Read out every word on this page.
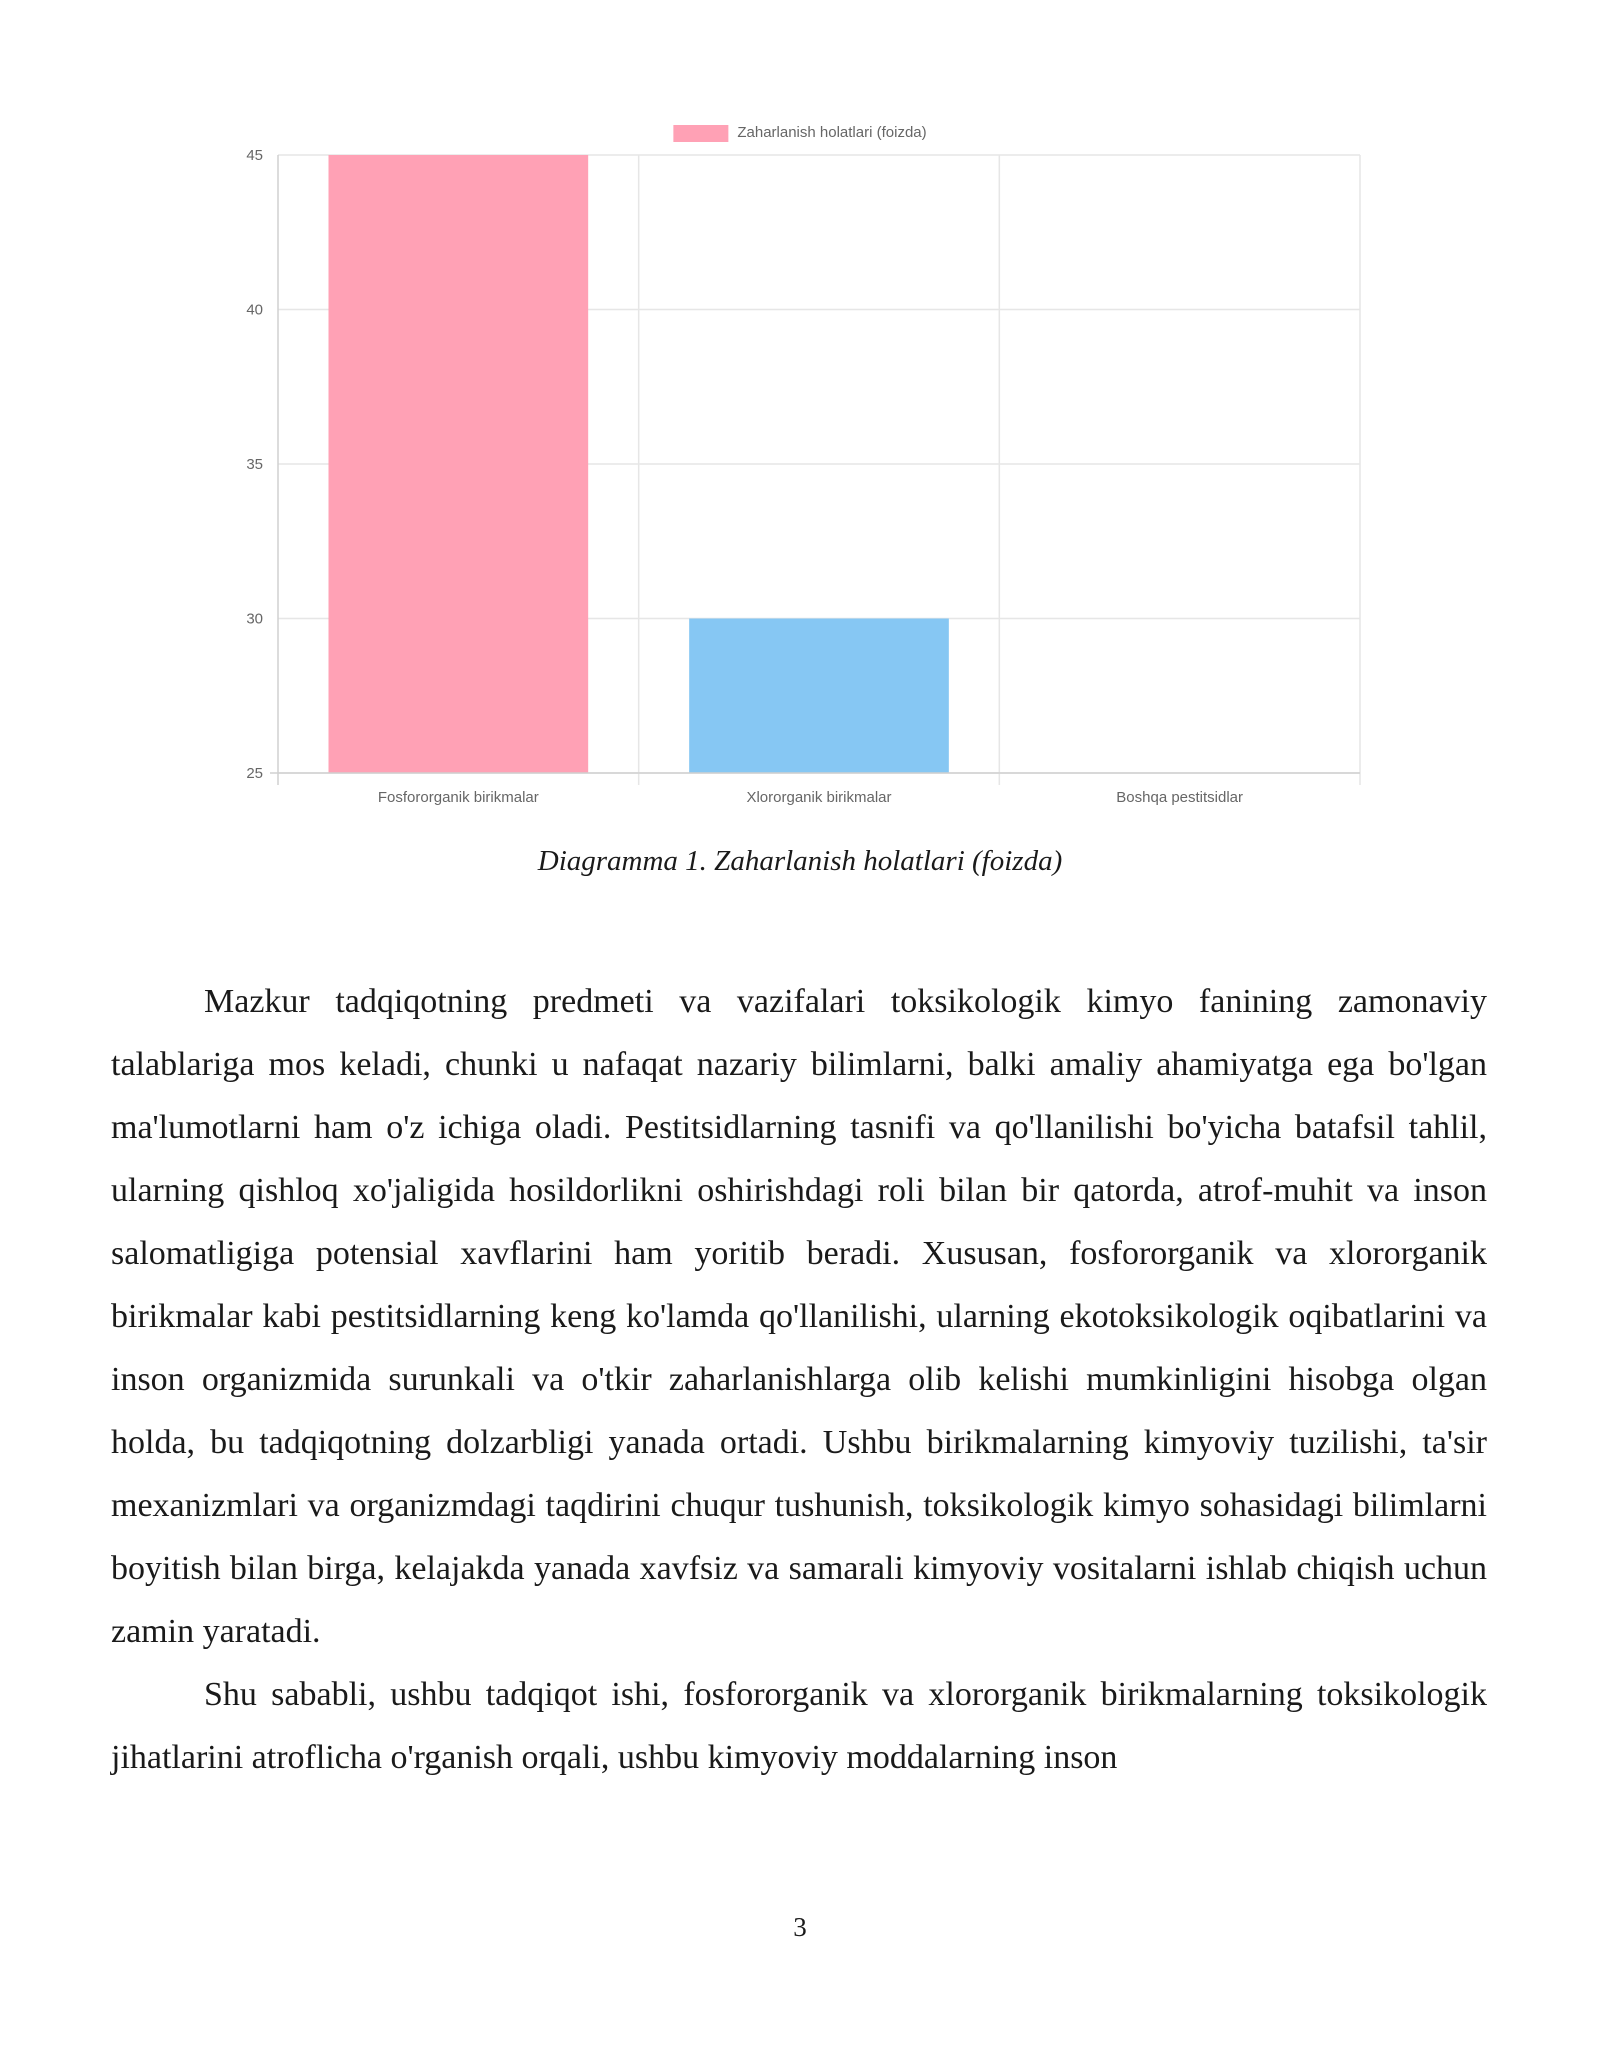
25
30
35
40
45
Fosfororganik birikmalar	Xlororganik birikmalar	Boshqa pestitsidlar
Zaharlanish holatlari (foizda)
Diagramma 1. Zaharlanish holatlari (foizda)

Mazkur tadqiqotning predmeti va vazifalari toksikologik kimyo fanining zamonaviy talablariga mos keladi, chunki u nafaqat nazariy bilimlarni, balki amaliy ahamiyatga ega bo'lgan ma'lumotlarni ham o'z ichiga oladi. Pestitsidlarning tasnifi va qo'llanilishi bo'yicha batafsil tahlil, ularning qishloq xo'jaligida hosildorlikni oshirishdagi roli bilan bir qatorda, atrof-muhit va inson salomatligiga potensial xavflarini ham yoritib beradi. Xususan, fosfororganik va xlororganik birikmalar kabi pestitsidlarning keng ko'lamda qo'llanilishi, ularning ekotoksikologik oqibatlarini va inson organizmida surunkali va o'tkir zaharlanishlarga olib kelishi mumkinligini hisobga olgan holda, bu tadqiqotning dolzarbligi yanada ortadi. Ushbu birikmalarning kimyoviy tuzilishi, ta'sir mexanizmlari va organizmdagi taqdirini chuqur tushunish, toksikologik kimyo sohasidagi bilimlarni boyitish bilan birga, kelajakda yanada xavfsiz va samarali kimyoviy vositalarni ishlab chiqish uchun zamin yaratadi.

Shu sababli, ushbu tadqiqot ishi, fosfororganik va xlororganik birikmalarning toksikologik jihatlarini atroflicha o'rganish orqali, ushbu kimyoviy moddalarning inson

3
